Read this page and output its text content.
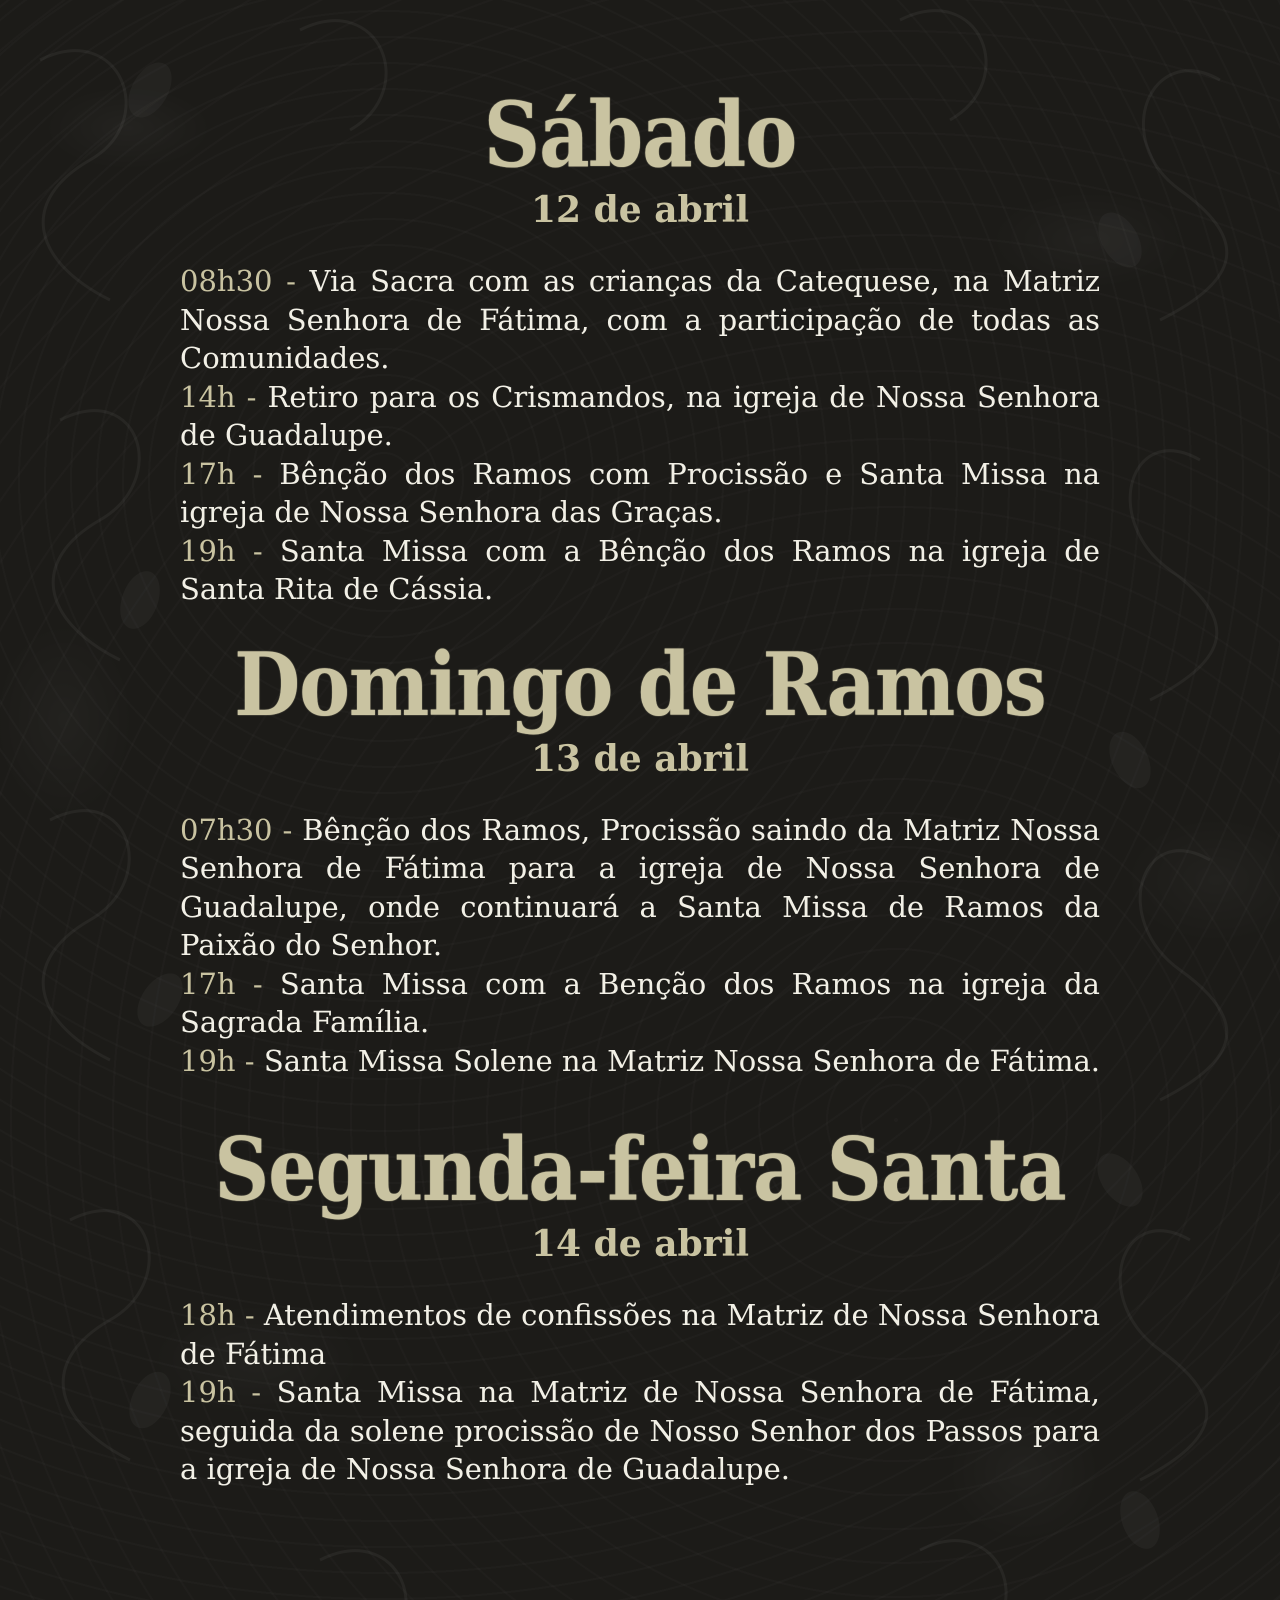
Sábado
12 de abril

08h30 - Via Sacra com as crianças da Catequese, na Matriz Nossa Senhora de Fátima, com a participação de todas as Comunidades.

14h - Retiro para os Crismandos, na igreja de Nossa Senhora de Guadalupe.

17h - Bênção dos Ramos com Procissão e Santa Missa na igreja de Nossa Senhora das Graças.

19h - Santa Missa com a Bênção dos Ramos na igreja de Santa Rita de Cássia.

Domingo de Ramos
13 de abril

07h30 - Bênção dos Ramos, Procissão saindo da Matriz Nossa Senhora de Fátima para a igreja de Nossa Senhora de Guadalupe, onde continuará a Santa Missa de Ramos da Paixão do Senhor.

17h - Santa Missa com a Benção dos Ramos na igreja da Sagrada Família.

19h - Santa Missa Solene na Matriz Nossa Senhora de Fátima.

Segunda-feira Santa
14 de abril

18h - Atendimentos de confissões na Matriz de Nossa Senhora de Fátima

19h - Santa Missa na Matriz de Nossa Senhora de Fátima, seguida da solene procissão de Nosso Senhor dos Passos para a igreja de Nossa Senhora de Guadalupe.
